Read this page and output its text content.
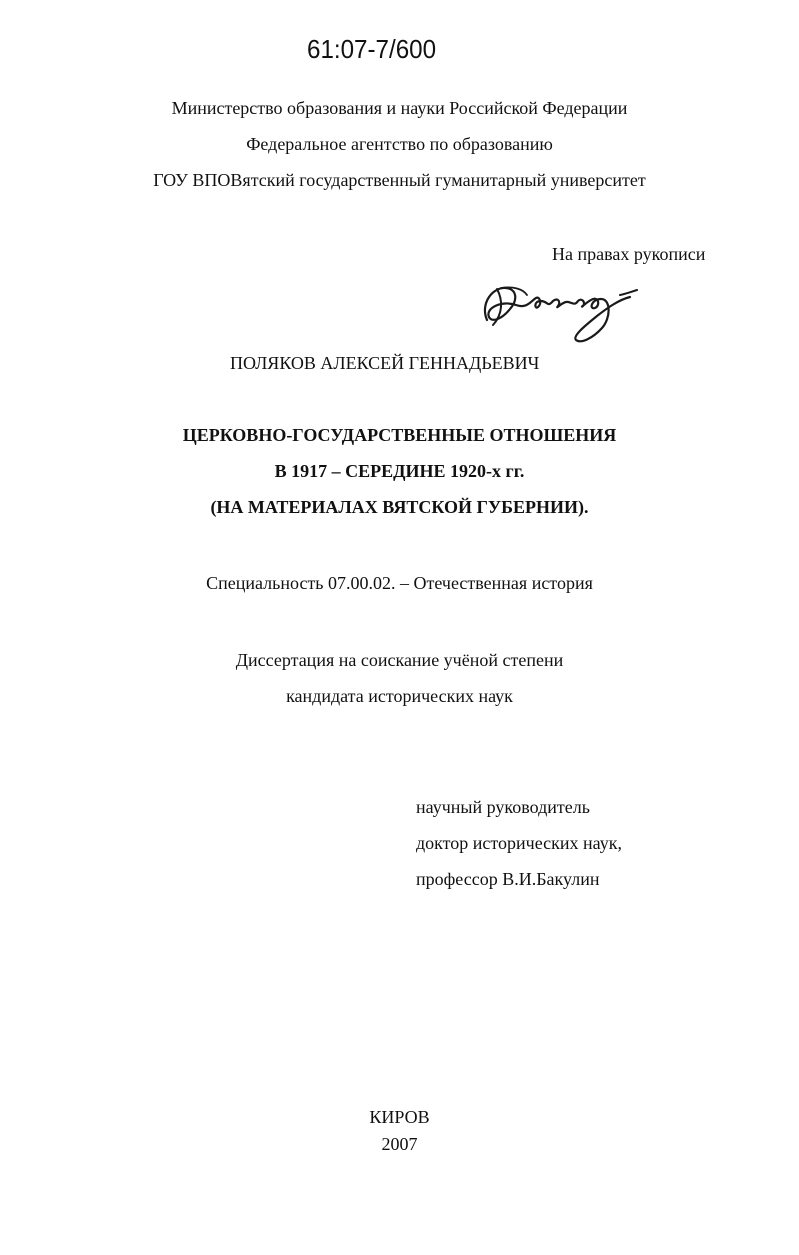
61:07-7/600
Министерство образования и науки Российской Федерации
Федеральное агентство по образованию
ГОУ ВПОВятский государственный гуманитарный университет
На правах рукописи
ПОЛЯКОВ АЛЕКСЕЙ ГЕННАДЬЕВИЧ
ЦЕРКОВНО-ГОСУДАРСТВЕННЫЕ ОТНОШЕНИЯ
В 1917 – СЕРЕДИНЕ 1920-х гг.
(НА МАТЕРИАЛАХ ВЯТСКОЙ ГУБЕРНИИ).
Специальность 07.00.02. – Отечественная история
Диссертация на соискание учёной степени
кандидата исторических наук
научный руководитель
доктор исторических наук,
профессор В.И.Бакулин
КИРОВ
2007
